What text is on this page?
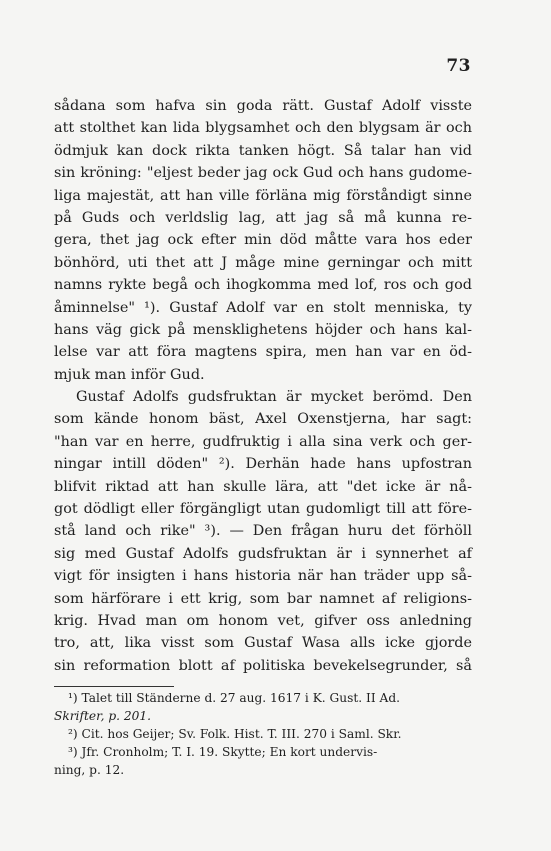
73
sådana som hafva sin goda rätt. Gustaf Adolf visste
att stolthet kan lida blygsamhet och den blygsam är och
ödmjuk kan dock rikta tanken högt. Så talar han vid
sin kröning: "eljest beder jag ock Gud och hans gudome-
liga majestät, att han ville förläna mig förståndigt sinne
på Guds och verldslig lag, att jag så må kunna re-
gera, thet jag ock efter min död måtte vara hos eder
bönhörd, uti thet att J måge mine gerningar och mitt
namns rykte begå och ihogkomma med lof, ros och god
åminnelse" ¹). Gustaf Adolf var en stolt menniska, ty
hans väg gick på mensklighetens höjder och hans kal-
lelse var att föra magtens spira, men han var en öd-
mjuk man inför Gud.
Gustaf Adolfs gudsfruktan är mycket berömd. Den
som kände honom bäst, Axel Oxenstjerna, har sagt:
"han var en herre, gudfruktig i alla sina verk och ger-
ningar intill döden" ²). Derhän hade hans upfostran
blifvit riktad att han skulle lära, att "det icke är nå-
got dödligt eller förgängligt utan gudomligt till att före-
stå land och rike" ³). — Den frågan huru det förhöll
sig med Gustaf Adolfs gudsfruktan är i synnerhet af
vigt för insigten i hans historia när han träder upp så-
som härförare i ett krig, som bar namnet af religions-
krig. Hvad man om honom vet, gifver oss anledning
tro, att, lika visst som Gustaf Wasa alls icke gjorde
sin reformation blott af politiska bevekelsegrunder, så
¹) Talet till Ständerne d. 27 aug. 1617 i K. Gust. II Ad.
Skrifter, p. 201.
²) Cit. hos Geijer; Sv. Folk. Hist. T. III. 270 i Saml. Skr.
³) Jfr. Cronholm; T. I. 19. Skytte; En kort undervis-
ning, p. 12.
